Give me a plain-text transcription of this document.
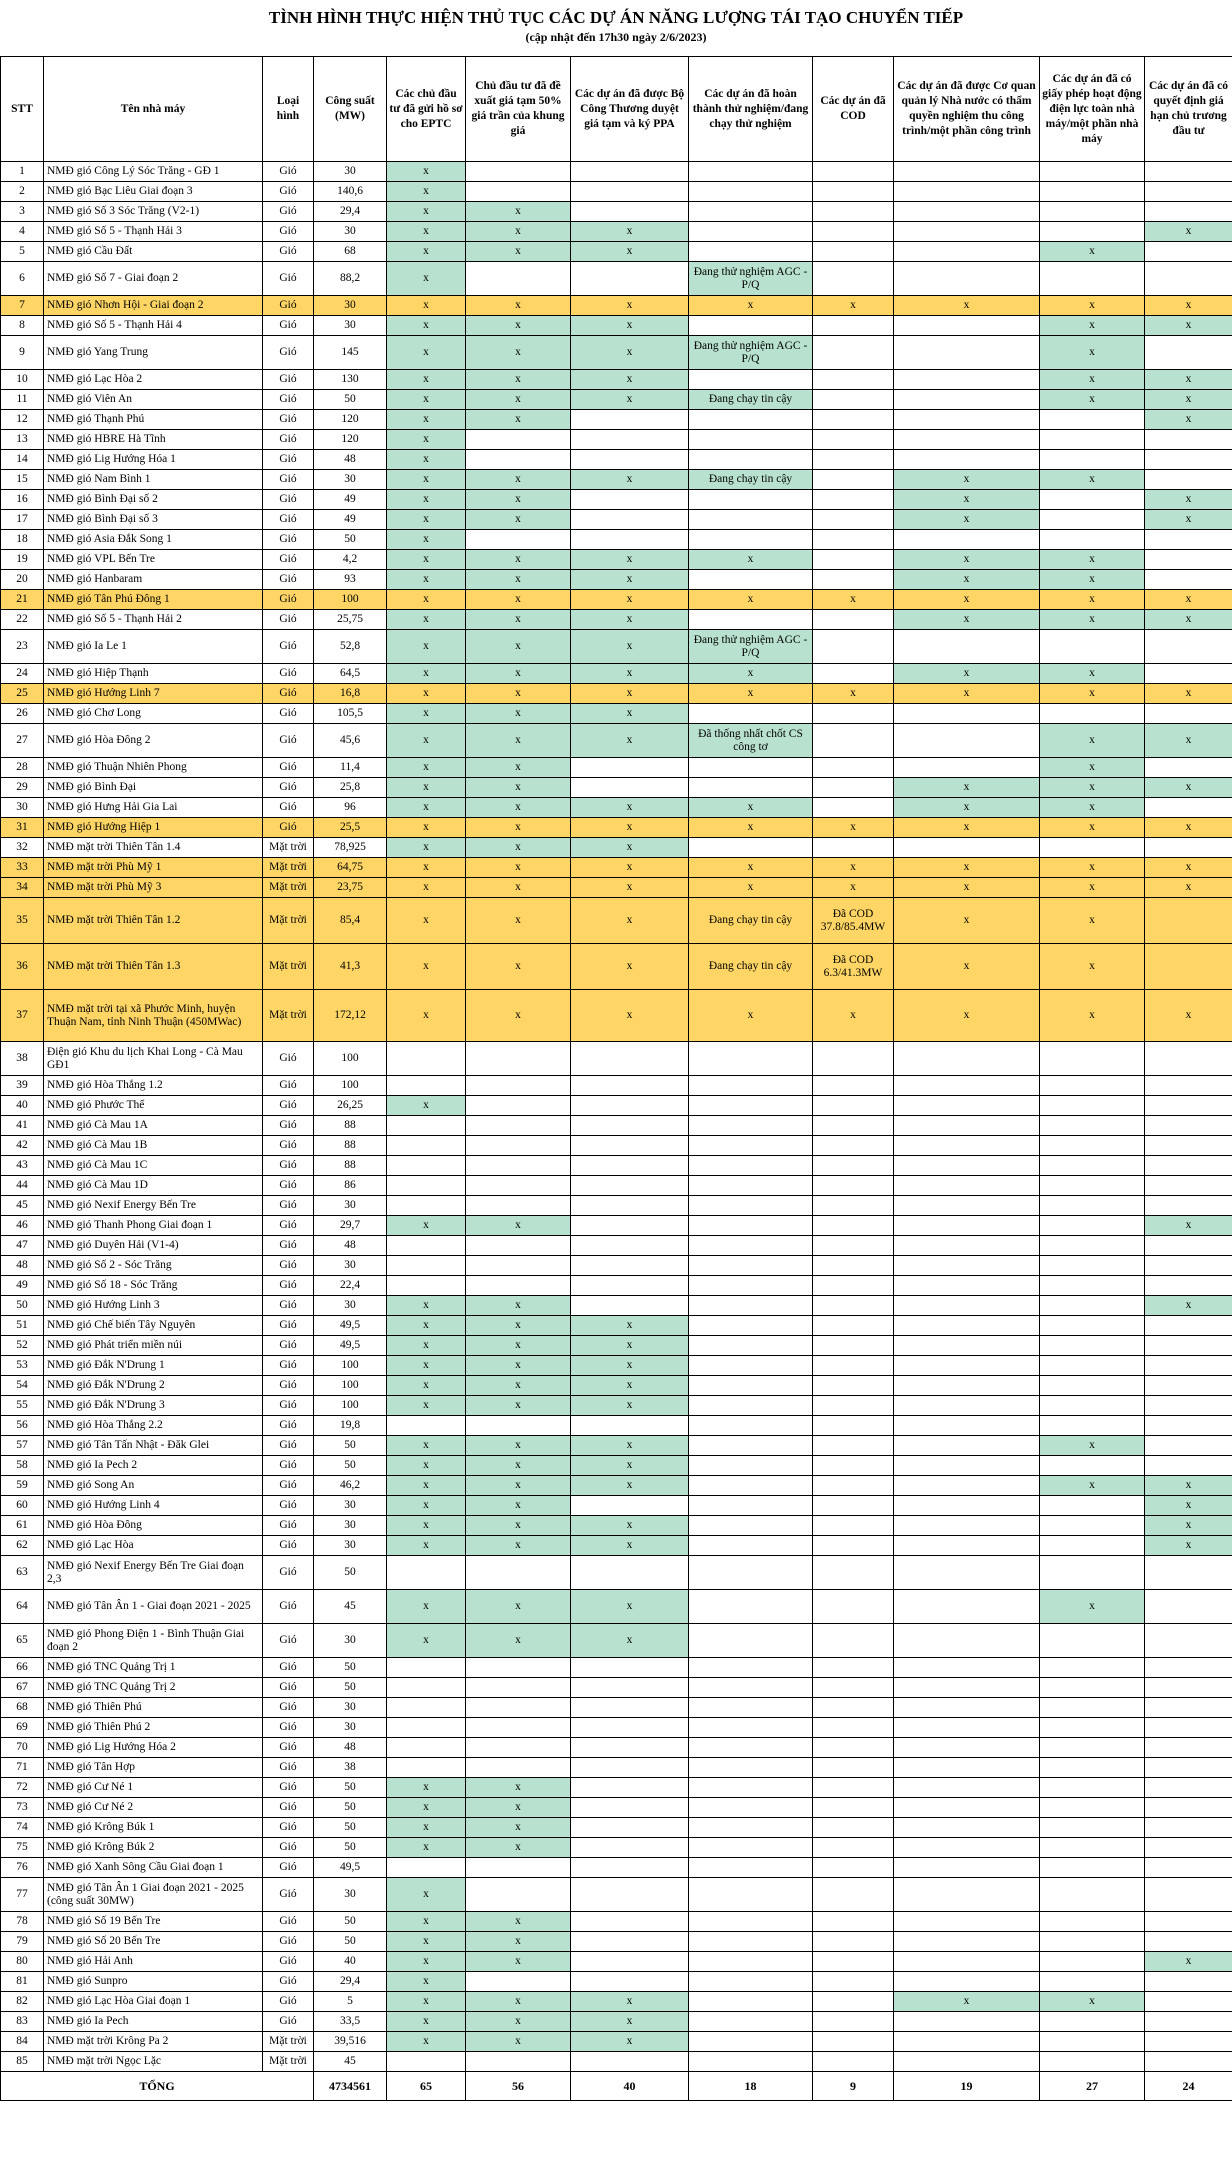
TÌNH HÌNH THỰC HIỆN THỦ TỤC CÁC DỰ ÁN NĂNG LƯỢNG TÁI TẠO CHUYỂN TIẾP
(cập nhật đến 17h30 ngày 2/6/2023)
STT	Tên nhà máy	Loại hình	Công suất (MW)	Các chủ đầu tư đã gửi hồ sơ cho EPTC	Chủ đầu tư đã đề xuất giá tạm 50% giá trần của khung giá	Các dự án đã được Bộ Công Thương duyệt giá tạm và ký PPA	Các dự án đã hoàn thành thử nghiệm/đang chạy thử nghiệm	Các dự án đã COD	Các dự án đã được Cơ quan quản lý Nhà nước có thẩm quyền nghiệm thu công trình/một phần công trình	Các dự án đã có giấy phép hoạt động điện lực toàn nhà máy/một phần nhà máy	Các dự án đã có quyết định giá hạn chủ trương đầu tư
1	NMĐ gió Công Lý Sóc Trăng - GĐ 1	Gió	30	x							
2	NMĐ gió Bạc Liêu Giai đoạn 3	Gió	140,6	x							
3	NMĐ gió Số 3 Sóc Trăng (V2-1)	Gió	29,4	x	x						
4	NMĐ gió Số 5 - Thạnh Hải 3	Gió	30	x	x	x					x
5	NMĐ gió Cầu Đất	Gió	68	x	x	x				x	
6	NMĐ gió Số 7 - Giai đoạn 2	Gió	88,2	x			Đang thử nghiệm AGC - P/Q				
7	NMĐ gió Nhơn Hội - Giai đoạn 2	Gió	30	x	x	x	x	x	x	x	x
8	NMĐ gió Số 5 - Thạnh Hải 4	Gió	30	x	x	x				x	x
9	NMĐ gió Yang Trung	Gió	145	x	x	x	Đang thử nghiệm AGC - P/Q			x	
10	NMĐ gió Lạc Hòa 2	Gió	130	x	x	x				x	x
11	NMĐ gió Viên An	Gió	50	x	x	x	Đang chạy tin cậy			x	x
12	NMĐ gió Thạnh Phú	Gió	120	x	x						x
13	NMĐ gió HBRE Hà Tĩnh	Gió	120	x							
14	NMĐ gió Lig Hướng Hóa 1	Gió	48	x							
15	NMĐ gió Nam Bình 1	Gió	30	x	x	x	Đang chạy tin cậy		x	x	
16	NMĐ gió Bình Đại số 2	Gió	49	x	x				x		x
17	NMĐ gió Bình Đại số 3	Gió	49	x	x				x		x
18	NMĐ gió Asia Đắk Song 1	Gió	50	x							
19	NMĐ gió VPL Bến Tre	Gió	4,2	x	x	x	x		x	x	
20	NMĐ gió Hanbaram	Gió	93	x	x	x			x	x	
21	NMĐ gió Tân Phú Đông 1	Gió	100	x	x	x	x	x	x	x	x
22	NMĐ gió Số 5 - Thạnh Hải 2	Gió	25,75	x	x	x			x	x	x
23	NMĐ gió Ia Le 1	Gió	52,8	x	x	x	Đang thử nghiệm AGC - P/Q				
24	NMĐ gió Hiệp Thạnh	Gió	64,5	x	x	x	x		x	x	
25	NMĐ gió Hướng Linh 7	Gió	16,8	x	x	x	x	x	x	x	x
26	NMĐ gió Chơ Long	Gió	105,5	x	x	x					
27	NMĐ gió Hòa Đông 2	Gió	45,6	x	x	x	Đã thống nhất chốt CS công tơ			x	x
28	NMĐ gió Thuận Nhiên Phong	Gió	11,4	x	x					x	
29	NMĐ gió Bình Đại	Gió	25,8	x	x				x	x	x
30	NMĐ gió Hưng Hải Gia Lai	Gió	96	x	x	x	x		x	x	
31	NMĐ gió Hướng Hiệp 1	Gió	25,5	x	x	x	x	x	x	x	x
32	NMĐ mặt trời Thiên Tân 1.4	Mặt trời	78,925	x	x	x					
33	NMĐ mặt trời Phù Mỹ 1	Mặt trời	64,75	x	x	x	x	x	x	x	x
34	NMĐ mặt trời Phù Mỹ 3	Mặt trời	23,75	x	x	x	x	x	x	x	x
35	NMĐ mặt trời Thiên Tân 1.2	Mặt trời	85,4	x	x	x	Đang chạy tin cậy	Đã COD 37.8/85.4MW	x	x	
36	NMĐ mặt trời Thiên Tân 1.3	Mặt trời	41,3	x	x	x	Đang chạy tin cậy	Đã COD 6.3/41.3MW	x	x	
37	NMĐ mặt trời tại xã Phước Minh, huyện Thuận Nam, tỉnh Ninh Thuận (450MWac)	Mặt trời	172,12	x	x	x	x	x	x	x	x
38	Điện gió Khu du lịch Khai Long - Cà Mau GĐ1	Gió	100								
39	NMĐ gió Hòa Thắng 1.2	Gió	100								
40	NMĐ gió Phước Thể	Gió	26,25	x							
41	NMĐ gió Cà Mau 1A	Gió	88								
42	NMĐ gió Cà Mau 1B	Gió	88								
43	NMĐ gió Cà Mau 1C	Gió	88								
44	NMĐ gió Cà Mau 1D	Gió	86								
45	NMĐ gió Nexif Energy Bến Tre	Gió	30								
46	NMĐ gió Thanh Phong Giai đoạn 1	Gió	29,7	x	x						x
47	NMĐ gió Duyên Hải (V1-4)	Gió	48								
48	NMĐ gió Số 2 - Sóc Trăng	Gió	30								
49	NMĐ gió Số 18 - Sóc Trăng	Gió	22,4								
50	NMĐ gió Hướng Linh 3	Gió	30	x	x						x
51	NMĐ gió Chế biến Tây Nguyên	Gió	49,5	x	x	x					
52	NMĐ gió Phát triển miền núi	Gió	49,5	x	x	x					
53	NMĐ gió Đắk N'Drung 1	Gió	100	x	x	x					
54	NMĐ gió Đắk N'Drung 2	Gió	100	x	x	x					
55	NMĐ gió Đắk N'Drung 3	Gió	100	x	x	x					
56	NMĐ gió Hòa Thắng 2.2	Gió	19,8								
57	NMĐ gió Tân Tấn Nhật - Đăk Glei	Gió	50	x	x	x				x	
58	NMĐ gió Ia Pech 2	Gió	50	x	x	x					
59	NMĐ gió Song An	Gió	46,2	x	x	x				x	x
60	NMĐ gió Hướng Linh 4	Gió	30	x	x						x
61	NMĐ gió Hòa Đông	Gió	30	x	x	x					x
62	NMĐ gió Lạc Hòa	Gió	30	x	x	x					x
63	NMĐ gió Nexif Energy Bến Tre Giai đoạn 2,3	Gió	50								
64	NMĐ gió Tân Ân 1 - Giai đoạn 2021 - 2025	Gió	45	x	x	x				x	
65	NMĐ gió Phong Điện 1 - Bình Thuận Giai đoạn 2	Gió	30	x	x	x					
66	NMĐ gió TNC Quảng Trị 1	Gió	50								
67	NMĐ gió TNC Quảng Trị 2	Gió	50								
68	NMĐ gió Thiên Phú	Gió	30								
69	NMĐ gió Thiên Phú 2	Gió	30								
70	NMĐ gió Lig Hướng Hóa 2	Gió	48								
71	NMĐ gió Tân Hợp	Gió	38								
72	NMĐ gió Cư Né 1	Gió	50	x	x						
73	NMĐ gió Cư Né 2	Gió	50	x	x						
74	NMĐ gió Krông Búk 1	Gió	50	x	x						
75	NMĐ gió Krông Búk 2	Gió	50	x	x						
76	NMĐ gió Xanh Sông Cầu Giai đoạn 1	Gió	49,5								
77	NMĐ gió Tân Ân 1 Giai đoạn 2021 - 2025 (công suất 30MW)	Gió	30	x							
78	NMĐ gió Số 19 Bến Tre	Gió	50	x	x						
79	NMĐ gió Số 20 Bến Tre	Gió	50	x	x						
80	NMĐ gió Hải Anh	Gió	40	x	x						x
81	NMĐ gió Sunpro	Gió	29,4	x							
82	NMĐ gió Lạc Hòa Giai đoạn 1	Gió	5	x	x	x			x	x	
83	NMĐ gió Ia Pech	Gió	33,5	x	x	x					
84	NMĐ mặt trời Krông Pa 2	Mặt trời	39,516	x	x	x					
85	NMĐ mặt trời Ngọc Lặc	Mặt trời	45								
TỔNG			4734561	65	56	40	18	9	19	27	24
